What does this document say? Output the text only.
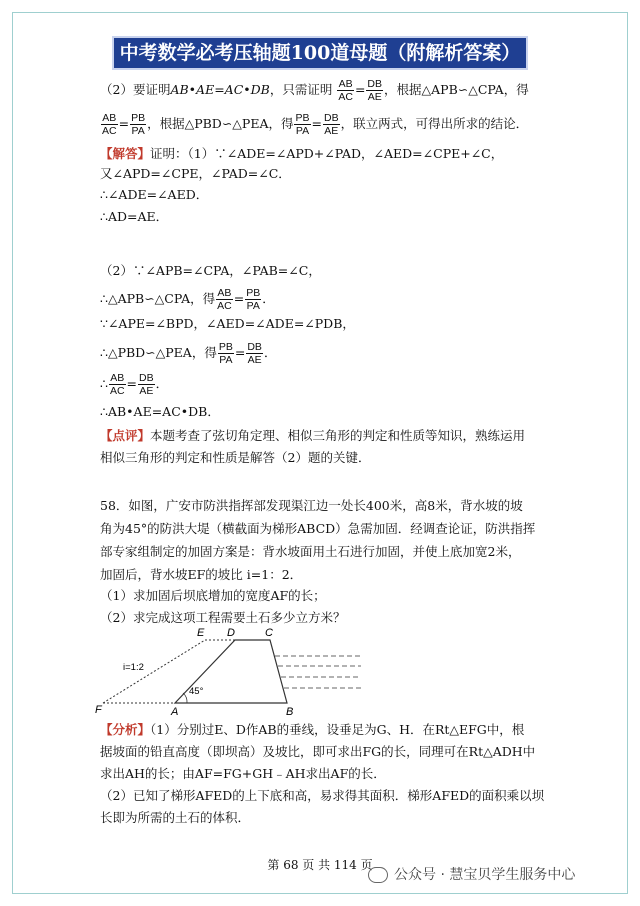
中考数学必考压轴题100道母题（附解析答案）
（2）要证明AB•AE=AC•DB，只需证明 $\frac{AB}{AC} = \frac{DB}{AE}$ ，根据△APB∽△CPA，得
$\frac{AB}{AC} = \frac{PB}{PA}$ ，根据△PBD∽△PEA，得 $\frac{PB}{PA} = \frac{DB}{AE}$ ，联立两式，可得出所求的结论．
【解答】证明：（1）∵∠ADE=∠APD+∠PAD，∠AED=∠CPE+∠C，
又∠APD=∠CPE，∠PAD=∠C．
∴∠ADE=∠AED．
∴AD=AE．
（2）∵∠APB=∠CPA，∠PAB=∠C，
∴△APB∽△CPA，得 $\frac{AB}{AC} = \frac{PB}{PA}$ ．
∵∠APE=∠BPD，∠AED=∠ADE=∠PDB，
∴△PBD∽△PEA，得 $\frac{PB}{PA} = \frac{DB}{AE}$ ．
∴ $\frac{AB}{AC} = \frac{DB}{AE}$ ．
∴AB•AE=AC•DB．
【点评】本题考查了弦切角定理、相似三角形的判定和性质等知识，熟练运用
相似三角形的判定和性质是解答（2）题的关键．
58．如图，广安市防洪指挥部发现渠江边一处长400米，高8米，背水坡的坡
角为45°的防洪大堤（横截面为梯形ABCD）急需加固．经调查论证，防洪指挥
部专家组制定的加固方案是：背水坡面用土石进行加固，并使上底加宽2米，
加固后，背水坡EF的坡比 i=1：2．
（1）求加固后坝底增加的宽度AF的长；
（2）求完成这项工程需要土石多少立方米？
E D	C
F	A	B
i=1:2
45°
【分析】（1）分别过E、D作AB的垂线，设垂足为G、H．在Rt△EFG中，根
据坡面的铅直高度（即坝高）及坡比，即可求出FG的长，同理可在Rt△ADH中
求出AH的长；由AF=FG+GH﹣AH求出AF的长．
（2）已知了梯形AFED的上下底和高，易求得其面积．梯形AFED的面积乘以坝
长即为所需的土石的体积．
第 68 页 共 114 页
公众号 · 慧宝贝学生服务中心
